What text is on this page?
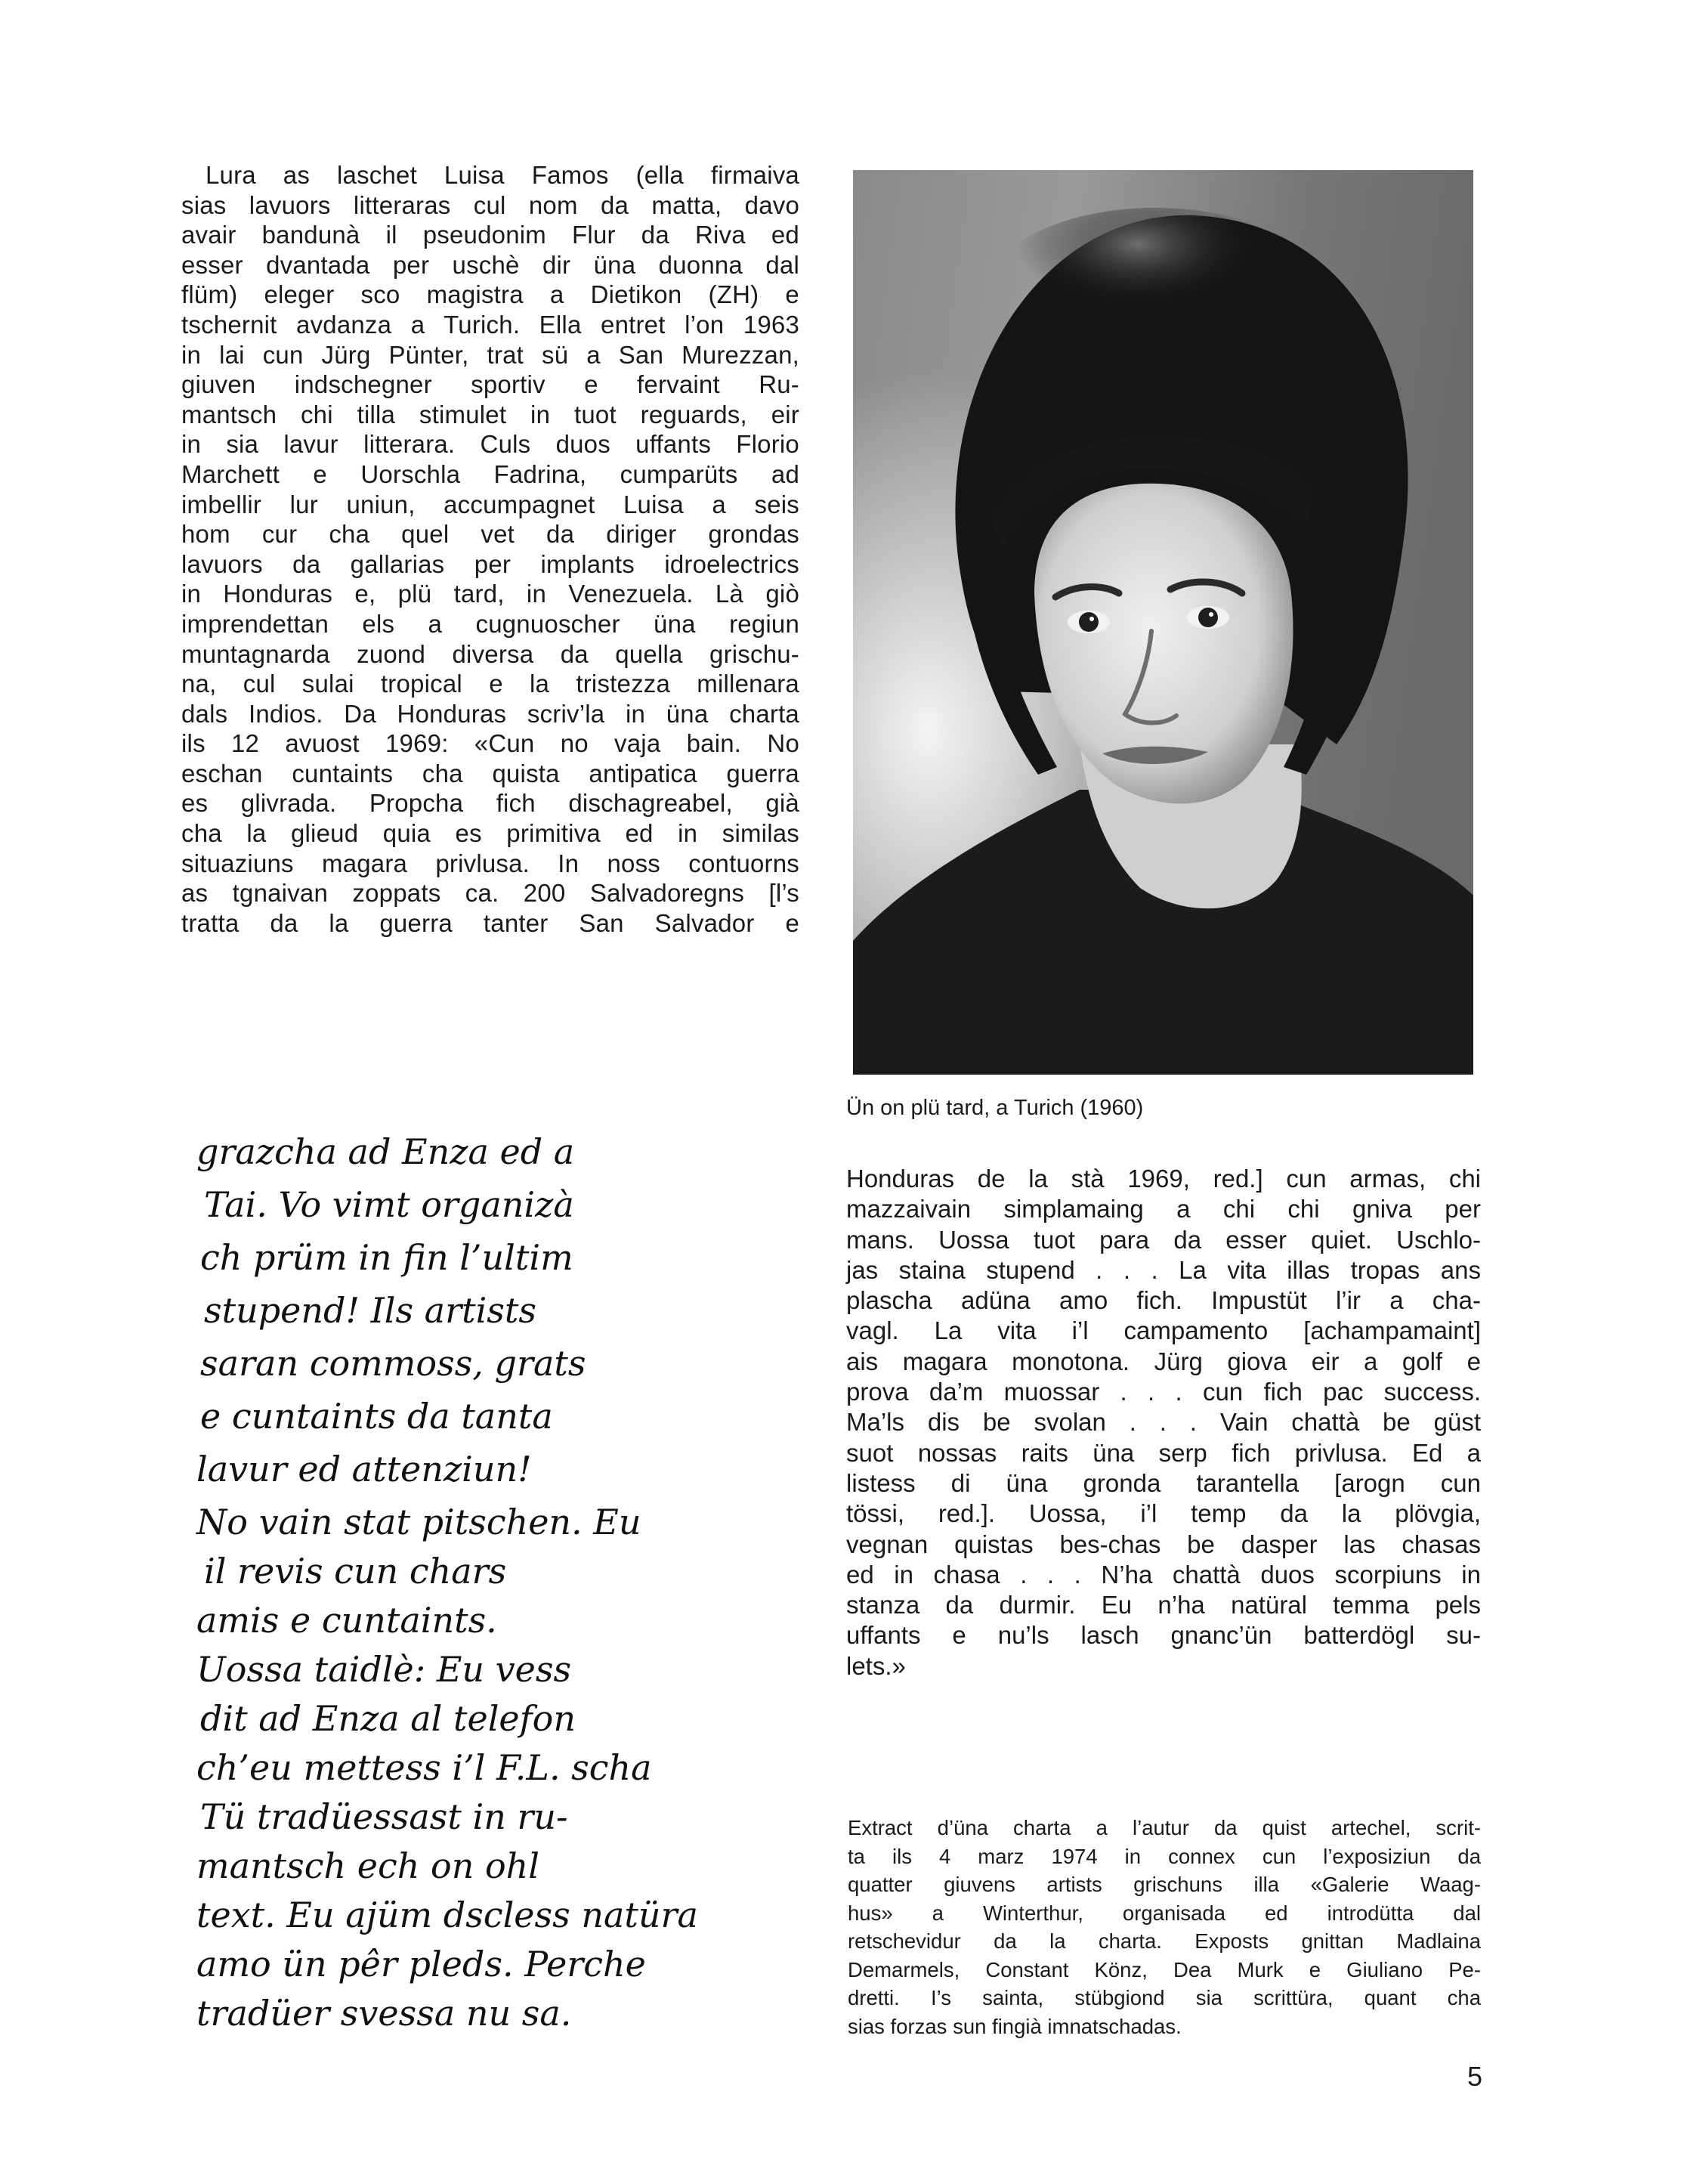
Lura as laschet Luisa Famos (ella firmaiva
sias lavuors litteraras cul nom da matta, davo
avair bandunà il pseudonim Flur da Riva ed
esser dvantada per uschè dir üna duonna dal
flüm) eleger sco magistra a Dietikon (ZH) e
tschernit avdanza a Turich. Ella entret l’on 1963
in lai cun Jürg Pünter, trat sü a San Murezzan,
giuven indschegner sportiv e fervaint Ru-
mantsch chi tilla stimulet in tuot reguards, eir
in sia lavur litterara. Culs duos uffants Florio
Marchett e Uorschla Fadrina, cumparüts ad
imbellir lur uniun, accumpagnet Luisa a seis
hom cur cha quel vet da diriger grondas
lavuors da gallarias per implants idroelectrics
in Honduras e, plü tard, in Venezuela. Là giò
imprendettan els a cugnuoscher üna regiun
muntagnarda zuond diversa da quella grischu-
na, cul sulai tropical e la tristezza millenara
dals Indios. Da Honduras scriv’la in üna charta
ils 12 avuost 1969: «Cun no vaja bain. No
eschan cuntaints cha quista antipatica guerra
es glivrada. Propcha fich dischagreabel, già
cha la glieud quia es primitiva ed in similas
situaziuns magara privlusa. In noss contuorns
as tgnaivan zoppats ca. 200 Salvadoregns [l’s
tratta da la guerra tanter San Salvador e
Ün on plü tard, a Turich (1960)
grazcha ad Enza ed a
Tai. Vo vimt organizà
ch prüm in fin l’ultim
stupend! Ils artists
saran commoss, grats
e cuntaints da tanta
lavur ed attenziun!
No vain stat pitschen. Eu
il revis cun chars
amis e cuntaints.
Uossa taidlè: Eu vess
dit ad Enza al telefon
ch’eu mettess i’l F.L. scha
Tü tradüessast in ru-
mantsch ech on ohl
text. Eu ajüm dscless natüra
amo ün pêr pleds. Perche
tradüer svessa nu sa.
Honduras de la stà 1969, red.] cun armas, chi
mazzaivain simplamaing a chi chi gniva per
mans. Uossa tuot para da esser quiet. Uschlo-
jas staina stupend . . . La vita illas tropas ans
plascha adüna amo fich. Impustüt l’ir a cha-
vagl. La vita i’l campamento [achampamaint]
ais magara monotona. Jürg giova eir a golf e
prova da’m muossar . . . cun fich pac success.
Ma’ls dis be svolan . . . Vain chattà be güst
suot nossas raits üna serp fich privlusa. Ed a
listess di üna gronda tarantella [arogn cun
tössi, red.]. Uossa, i’l temp da la plövgia,
vegnan quistas bes-chas be dasper las chasas
ed in chasa . . . N’ha chattà duos scorpiuns in
stanza da durmir. Eu n’ha natüral temma pels
uffants e nu’ls lasch gnanc’ün batterdögl su-
lets.»
Extract d’üna charta a l’autur da quist artechel, scrit-
ta ils 4 marz 1974 in connex cun l’exposiziun da
quatter giuvens artists grischuns illa «Galerie Waag-
hus» a Winterthur, organisada ed introdütta dal
retschevidur da la charta. Exposts gnittan Madlaina
Demarmels, Constant Könz, Dea Murk e Giuliano Pe-
dretti. I’s sainta, stübgiond sia scrittüra, quant cha
sias forzas sun fingià imnatschadas.
5
